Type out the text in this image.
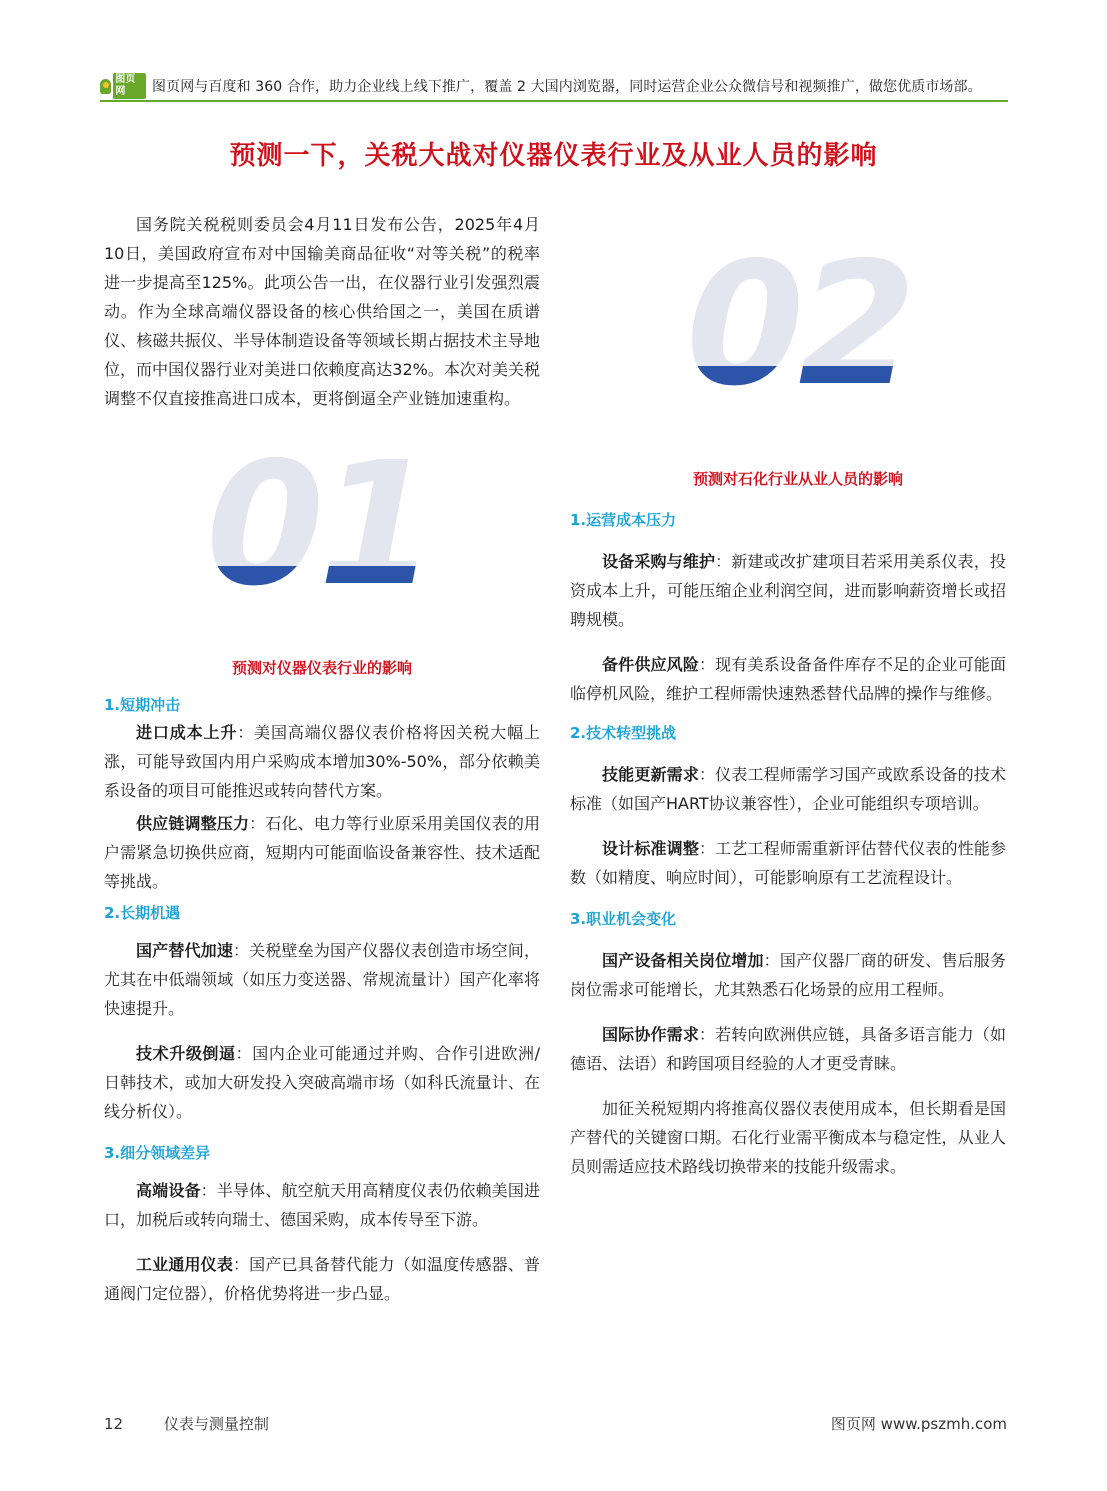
图页网	图页网与百度和 360 合作，助力企业线上线下推广，覆盖 2 大国内浏览器，同时运营企业公众微信号和视频推广，做您优质市场部。
预测一下，关税大战对仪器仪表行业及从业人员的影响

国务院关税税则委员会4月11日发布公告，2025年4月10日，美国政府宣布对中国输美商品征收“对等关税”的税率进一步提高至125%。此项公告一出，在仪器行业引发强烈震动。作为全球高端仪器设备的核心供给国之一，美国在质谱仪、核磁共振仪、半导体制造设备等领域长期占据技术主导地位，而中国仪器行业对美进口依赖度高达32%。本次对美关税调整不仅直接推高进口成本，更将倒逼全产业链加速重构。

01
预测对仪器仪表行业的影响
1.短期冲击

进口成本上升：美国高端仪器仪表价格将因关税大幅上涨，可能导致国内用户采购成本增加30%-50%，部分依赖美系设备的项目可能推迟或转向替代方案。

供应链调整压力：石化、电力等行业原采用美国仪表的用户需紧急切换供应商，短期内可能面临设备兼容性、技术适配等挑战。

2.长期机遇

国产替代加速：关税壁垒为国产仪器仪表创造市场空间，尤其在中低端领域（如压力变送器、常规流量计）国产化率将快速提升。

技术升级倒逼：国内企业可能通过并购、合作引进欧洲/日韩技术，或加大研发投入突破高端市场（如科氏流量计、在线分析仪）。

3.细分领域差异

高端设备：半导体、航空航天用高精度仪表仍依赖美国进口，加税后或转向瑞士、德国采购，成本传导至下游。

工业通用仪表：国产已具备替代能力（如温度传感器、普通阀门定位器），价格优势将进一步凸显。

02
预测对石化行业从业人员的影响
1.运营成本压力

设备采购与维护：新建或改扩建项目若采用美系仪表，投资成本上升，可能压缩企业利润空间，进而影响薪资增长或招聘规模。

备件供应风险：现有美系设备备件库存不足的企业可能面临停机风险，维护工程师需快速熟悉替代品牌的操作与维修。

2.技术转型挑战

技能更新需求：仪表工程师需学习国产或欧系设备的技术标准（如国产HART协议兼容性），企业可能组织专项培训。

设计标准调整：工艺工程师需重新评估替代仪表的性能参数（如精度、响应时间），可能影响原有工艺流程设计。

3.职业机会变化

国产设备相关岗位增加：国产仪器厂商的研发、售后服务岗位需求可能增长，尤其熟悉石化场景的应用工程师。

国际协作需求：若转向欧洲供应链，具备多语言能力（如德语、法语）和跨国项目经验的人才更受青睐。

加征关税短期内将推高仪器仪表使用成本，但长期看是国产替代的关键窗口期。石化行业需平衡成本与稳定性，从业人员则需适应技术路线切换带来的技能升级需求。

12	仪表与测量控制	图页网 www.pszmh.com
